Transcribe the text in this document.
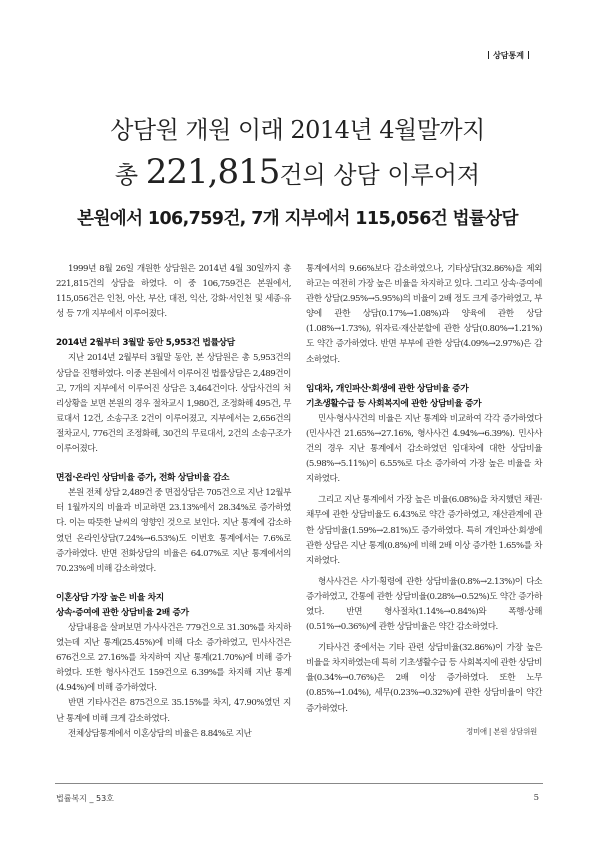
상담통계
상담원 개원 이래 2014년 4월말까지
총 221,815건의 상담 이루어져
본원에서 106,759건, 7개 지부에서 115,056건 법률상담

1999년 8월 26일 개원한 상담원은 2014년 4월 30일까지 총 221,815건의 상담을 하였다. 이 중 106,759건은 본원에서, 115,056건은 인천, 아산, 부산, 대전, 익산, 강화·서인천 및 세종·유성 등 7개 지부에서 이루어졌다.

2014년 2월부터 3월말 동안 5,953건 법률상담

지난 2014년 2월부터 3월말 동안, 본 상담원은 총 5,953건의 상담을 진행하였다. 이중 본원에서 이루어진 법률상담은 2,489건이고, 7개의 지부에서 이루어진 상담은 3,464건이다. 상담사건의 처리상황을 보면 본원의 경우 절차교시 1,980건, 조정화해 495건, 무료대서 12건, 소송구조 2건이 이루어졌고, 지부에서는 2,656건의 절차교시, 776건의 조정화해, 30건의 무료대서, 2건의 소송구조가 이루어졌다.

면접·온라인 상담비율 증가, 전화 상담비율 감소

본원 전체 상담 2,489건 중 면접상담은 705건으로 지난 12월부터 1월까지의 비율과 비교하면 23.13%에서 28.34%로 증가하였다. 이는 따뜻한 날씨의 영향인 것으로 보인다. 지난 통계에 감소하였던 온라인상담(7.24%→6.53%)도 이번호 통계에서는 7.6%로 증가하였다. 반면 전화상담의 비율은 64.07%로 지난 통계에서의 70.23%에 비해 감소하였다.

이혼상담 가장 높은 비율 차지
상속·증여에 관한 상담비율 2배 증가

상담내용을 살펴보면 가사사건은 779건으로 31.30%를 차지하였는데 지난 통계(25.45%)에 비해 다소 증가하였고, 민사사건은 676건으로 27.16%를 차지하여 지난 통계(21.70%)에 비해 증가하였다. 또한 형사사건도 159건으로 6.39%를 차지해 지난 통계(4.94%)에 비해 증가하였다.

반면 기타사건은 875건으로 35.15%를 차지, 47.90%였던 지난 통계에 비해 크게 감소하였다.

전체상담통계에서 이혼상담의 비율은 8.84%로 지난

통계에서의 9.66%보다 감소하였으나, 기타상담(32.86%)을 제외하고는 여전히 가장 높은 비율을 차지하고 있다. 그리고 상속·증여에 관한 상담(2.95%→5.95%)의 비율이 2배 정도 크게 증가하였고, 부양에 관한 상담(0.17%→1.08%)과 양육에 관한 상담(1.08%→1.73%), 위자료·재산분할에 관한 상담(0.80%→1.21%)도 약간 증가하였다. 반면 부부에 관한 상담(4.09%→2.97%)은 감소하였다.

임대차, 개인파산·회생에 관한 상담비율 증가
기초생활수급 등 사회복지에 관한 상담비율 증가

민사·형사사건의 비율은 지난 통계와 비교하여 각각 증가하였다(민사사건 21.65%→27.16%, 형사사건 4.94%→6.39%). 민사사건의 경우 지난 통계에서 감소하였던 임대차에 대한 상담비율(5.98%→5.11%)이 6.55%로 다소 증가하여 가장 높은 비율을 차지하였다.

그리고 지난 통계에서 가장 높은 비율(6.08%)을 차지했던 채권·채무에 관한 상담비율도 6.43%로 약간 증가하였고, 재산관계에 관한 상담비율(1.59%→2.81%)도 증가하였다. 특히 개인파산·회생에 관한 상담은 지난 통계(0.8%)에 비해 2배 이상 증가한 1.65%를 차지하였다.

형사사건은 사기·횡령에 관한 상담비율(0.8%→2.13%)이 다소 증가하였고, 간통에 관한 상담비율(0.28%→0.52%)도 약간 증가하였다. 반면 형사절차(1.14%→0.84%)와 폭행·상해(0.51%→0.36%)에 관한 상담비율은 약간 감소하였다.

기타사건 중에서는 기타 관련 상담비율(32.86%)이 가장 높은 비율을 차지하였는데 특히 기초생활수급 등 사회복지에 관한 상담비율(0.34%→0.76%)은 2배 이상 증가하였다. 또한 노무(0.85%→1.04%), 세무(0.23%→0.32%)에 관한 상담비율이 약간 증가하였다.

정미애 | 본원 상담위원
법률복지 _ 53호	5
